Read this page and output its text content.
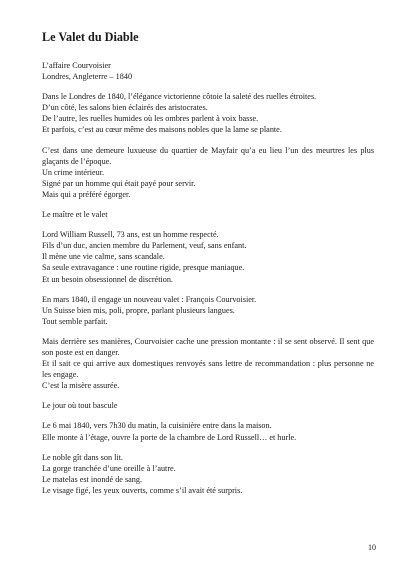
Le Valet du Diable
L’affaire Courvoisier
Londres, Angleterre – 1840
Dans le Londres de 1840, l’élégance victorienne côtoie la saleté des ruelles étroites.
D’un côté, les salons bien éclairés des aristocrates.
De l’autre, les ruelles humides où les ombres parlent à voix basse.
Et parfois, c’est au cœur même des maisons nobles que la lame se plante.
C’est dans une demeure luxueuse du quartier de Mayfair qu’a eu lieu l’un des meurtres les plus glaçants de l’époque.
Un crime intérieur.
Signé par un homme qui était payé pour servir.
Mais qui a préféré égorger.
Le maître et le valet
Lord William Russell, 73 ans, est un homme respecté.
Fils d’un duc, ancien membre du Parlement, veuf, sans enfant.
Il mène une vie calme, sans scandale.
Sa seule extravagance : une routine rigide, presque maniaque.
Et un besoin obsessionnel de discrétion.
En mars 1840, il engage un nouveau valet : François Courvoisier.
Un Suisse bien mis, poli, propre, parlant plusieurs langues.
Tout semble parfait.
Mais derrière ses manières, Courvoisier cache une pression montante : il se sent observé. Il sent que son poste est en danger.
Et il sait ce qui arrive aux domestiques renvoyés sans lettre de recommandation : plus personne ne les engage.
C’est la misère assurée.
Le jour où tout bascule
Le 6 mai 1840, vers 7h30 du matin, la cuisinière entre dans la maison.
Elle monte à l’étage, ouvre la porte de la chambre de Lord Russell… et hurle.
Le noble gît dans son lit.
La gorge tranchée d’une oreille à l’autre.
Le matelas est inondé de sang.
Le visage figé, les yeux ouverts, comme s’il avait été surpris.
10
